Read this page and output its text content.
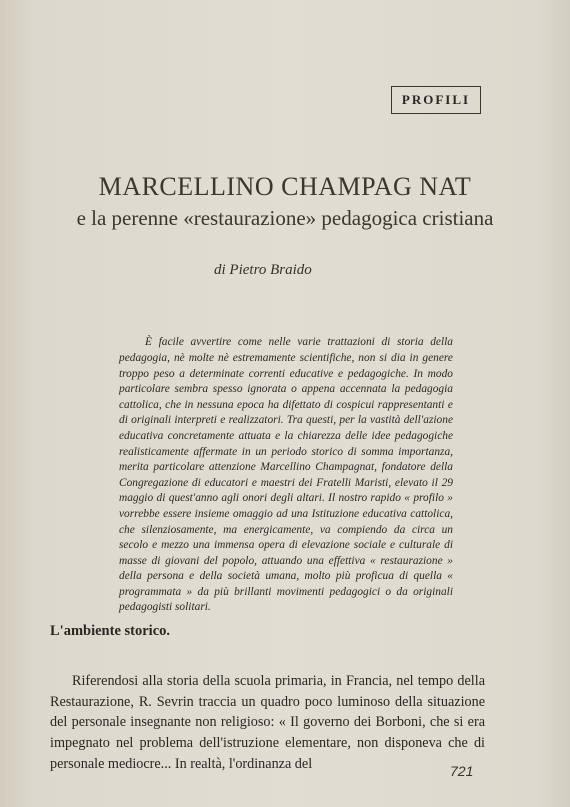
PROFILI
MARCELLINO CHAMPAG NAT
e la perenne «restaurazione» pedagogica cristiana
di Pietro Braido

È facile avvertire come nelle varie trattazioni di storia della pedagogia, nè molte nè estremamente scientifiche, non si dia in genere troppo peso a determinate correnti educative e pedagogiche. In modo particolare sembra spesso ignorata o appena accennata la pedagogia cattolica, che in nessuna epoca ha difettato di cospicui rappresentanti e di originali interpreti e realizzatori. Tra questi, per la vastità dell'azione educativa concretamente attuata e la chiarezza delle idee pedagogiche realisticamente affermate in un periodo storico di somma importanza, merita particolare attenzione Marcellino Champagnat, fondatore della Congregazione di educatori e maestri dei Fratelli Maristi, elevato il 29 maggio di quest'anno agli onori degli altari. Il nostro rapido « profilo » vorrebbe essere insieme omaggio ad una Istituzione educativa cattolica, che silenziosamente, ma energicamente, va compiendo da circa un secolo e mezzo una immensa opera di elevazione sociale e culturale di masse di giovani del popolo, attuando una effettiva « restaurazione » della persona e della società umana, molto più proficua di quella « programmata » da più brillanti movimenti pedagogici o da originali pedagogisti solitari.

L'ambiente storico.

Riferendosi alla storia della scuola primaria, in Francia, nel tempo della Restaurazione, R. Sevrin traccia un quadro poco luminoso della situazione del personale insegnante non religioso: « Il governo dei Borboni, che si era impegnato nel problema dell'istruzione elementare, non disponeva che di personale mediocre... In realtà, l'ordinanza del	721
